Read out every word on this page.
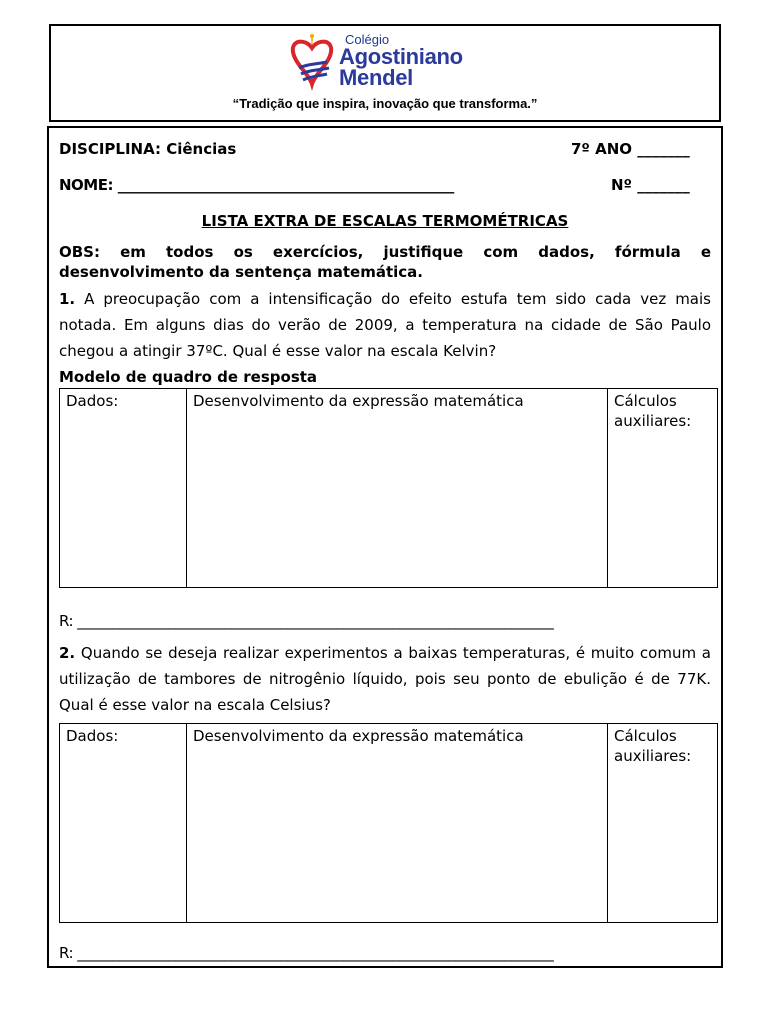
Colégio
Agostiniano
Mendel
“Tradição que inspira, inovação que transforma.”
DISCIPLINA: Ciências	7º ANO _______
NOME: ________________________________________________	Nº _______
LISTA EXTRA DE ESCALAS TERMOMÉTRICAS
OBS: em todos os exercícios, justifique com dados, fórmula e desenvolvimento da sentença matemática.
1. A preocupação com a intensificação do efeito estufa tem sido cada vez mais notada. Em alguns dias do verão de 2009, a temperatura na cidade de São Paulo chegou a atingir 37ºC. Qual é esse valor na escala Kelvin?
Modelo de quadro de resposta
Dados:	Desenvolvimento da expressão matemática	Cálculos
auxiliares:
R: ____________________________________________________________________
2. Quando se deseja realizar experimentos a baixas temperaturas, é muito comum a utilização de tambores de nitrogênio líquido, pois seu ponto de ebulição é de 77K. Qual é esse valor na escala Celsius?
Dados:	Desenvolvimento da expressão matemática	Cálculos
auxiliares:
R: ____________________________________________________________________
